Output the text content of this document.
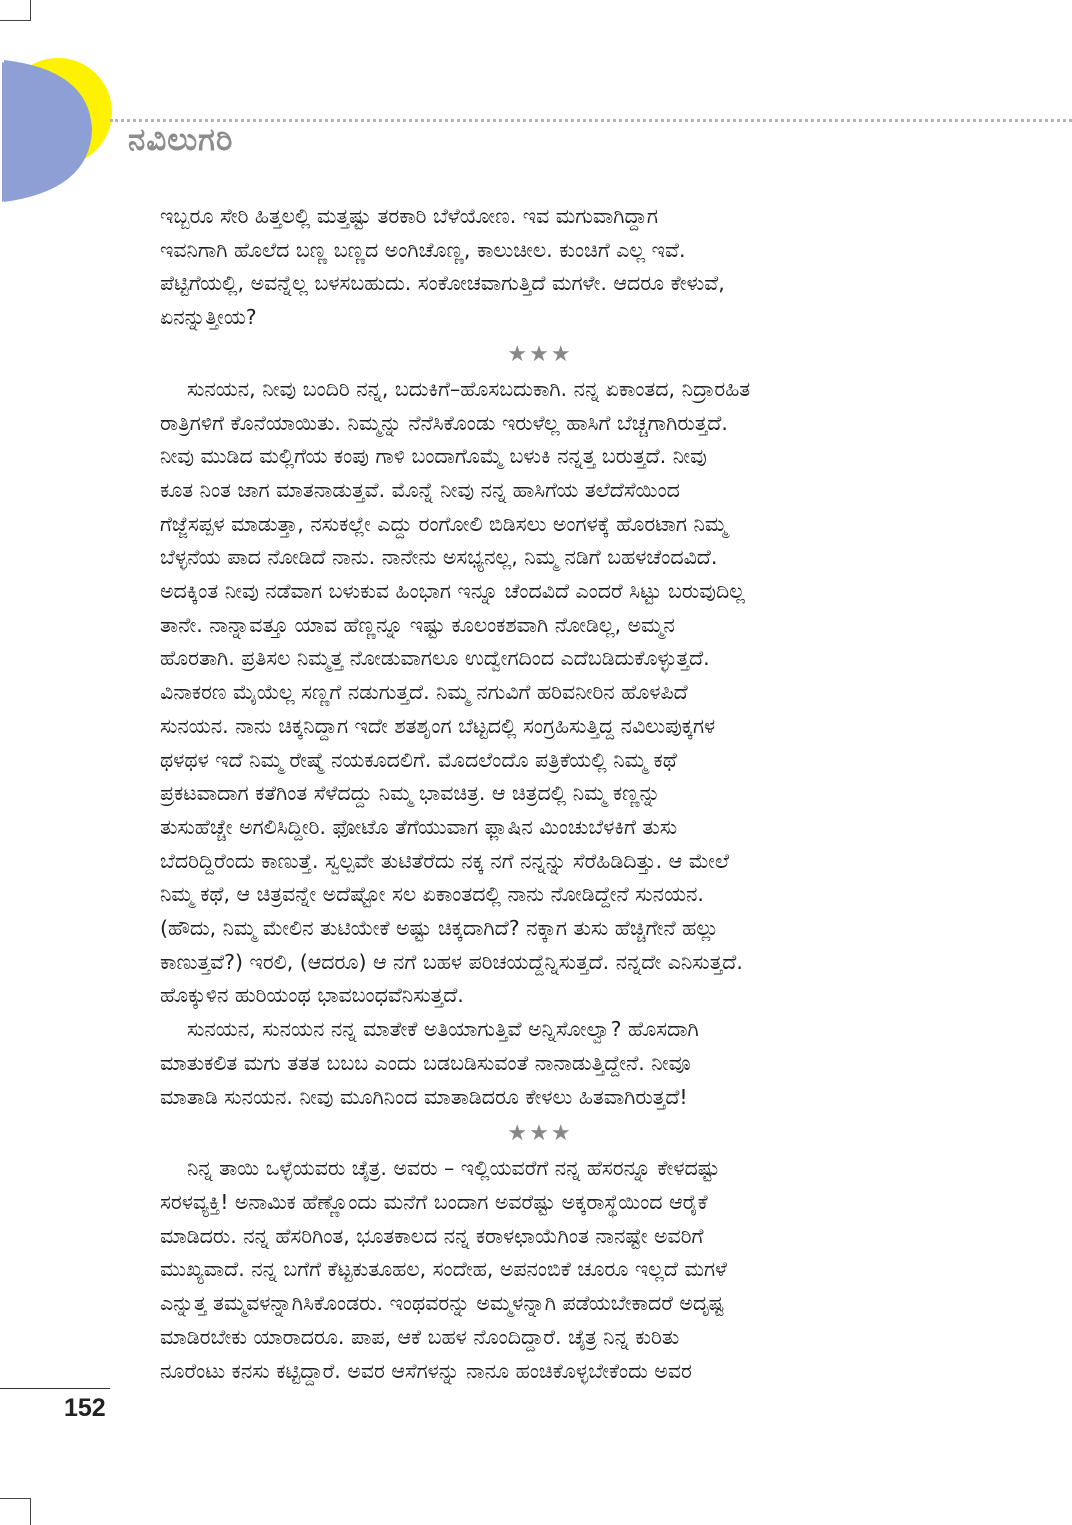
ನವಿಲುಗರಿ

ಇಬ್ಬರೂ ಸೇರಿ ಹಿತ್ತಲಲ್ಲಿ ಮತ್ತಷ್ಟು ತರಕಾರಿ ಬೆಳೆಯೋಣ. ಇವ ಮಗುವಾಗಿದ್ದಾಗ
ಇವನಿಗಾಗಿ ಹೊಲೆದ ಬಣ್ಣ ಬಣ್ಣದ ಅಂಗಿಚೊಣ್ಣ, ಕಾಲುಚೀಲ. ಕುಂಚಿಗೆ ಎಲ್ಲ ಇವೆ.
ಪೆಟ್ಟಿಗೆಯಲ್ಲಿ, ಅವನ್ನೆಲ್ಲ ಬಳಸಬಹುದು. ಸಂಕೋಚವಾಗುತ್ತಿದೆ ಮಗಳೇ. ಆದರೂ ಕೇಳುವೆ,
ಏನನ್ನುತ್ತೀಯ?

★★★

ಸುನಯನ, ನೀವು ಬಂದಿರಿ ನನ್ನ, ಬದುಕಿಗೆ–ಹೊಸಬದುಕಾಗಿ. ನನ್ನ ಏಕಾಂತದ, ನಿದ್ರಾರಹಿತ
ರಾತ್ರಿಗಳಿಗೆ ಕೊನೆಯಾಯಿತು. ನಿಮ್ಮನ್ನು ನೆನೆಸಿಕೊಂಡು ಇರುಳೆಲ್ಲ ಹಾಸಿಗೆ ಬೆಚ್ಚಗಾಗಿರುತ್ತದೆ.
ನೀವು ಮುಡಿದ ಮಲ್ಲಿಗೆಯ ಕಂಪು ಗಾಳಿ ಬಂದಾಗೊಮ್ಮೆ ಬಳುಕಿ ನನ್ನತ್ತ ಬರುತ್ತದೆ. ನೀವು
ಕೂತ ನಿಂತ ಜಾಗ ಮಾತನಾಡುತ್ತವೆ. ಮೊನ್ನೆ ನೀವು ನನ್ನ ಹಾಸಿಗೆಯ ತಲೆದೆಸೆಯಿಂದ
ಗೆಜ್ಜೆಸಪ್ಪಳ ಮಾಡುತ್ತಾ, ನಸುಕಲ್ಲೇ ಎದ್ದು ರಂಗೋಲಿ ಬಿಡಿಸಲು ಅಂಗಳಕ್ಕೆ ಹೊರಟಾಗ ನಿಮ್ಮ
ಬೆಳ್ಳನೆಯ ಪಾದ ನೋಡಿದೆ ನಾನು. ನಾನೇನು ಅಸಭ್ಯನಲ್ಲ, ನಿಮ್ಮ ನಡಿಗೆ ಬಹಳಚೆಂದವಿದೆ.
ಅದಕ್ಕಿಂತ ನೀವು ನಡೆವಾಗ ಬಳುಕುವ ಹಿಂಭಾಗ ಇನ್ನೂ ಚೆಂದವಿದೆ ಎಂದರೆ ಸಿಟ್ಟು ಬರುವುದಿಲ್ಲ
ತಾನೇ. ನಾನ್ನಾವತ್ತೂ ಯಾವ ಹೆಣ್ಣನ್ನೂ ಇಷ್ಟು ಕೂಲಂಕಶವಾಗಿ ನೋಡಿಲ್ಲ, ಅಮ್ಮನ
ಹೊರತಾಗಿ. ಪ್ರತಿಸಲ ನಿಮ್ಮತ್ತ ನೋಡುವಾಗಲೂ ಉದ್ವೇಗದಿಂದ ಎದೆಬಡಿದುಕೊಳ್ಳುತ್ತದೆ.
ವಿನಾಕರಣ ಮೈಯೆಲ್ಲ ಸಣ್ಣಗೆ ನಡುಗುತ್ತದೆ. ನಿಮ್ಮ ನಗುವಿಗೆ ಹರಿವನೀರಿನ ಹೊಳಪಿದೆ
ಸುನಯನ. ನಾನು ಚಿಕ್ಕನಿದ್ದಾಗ ಇದೇ ಶತಶೃಂಗ ಬೆಟ್ಟದಲ್ಲಿ ಸಂಗ್ರಹಿಸುತ್ತಿದ್ದ ನವಿಲುಪುಕ್ಕಗಳ
ಥಳಥಳ ಇದೆ ನಿಮ್ಮ ರೇಷ್ಮೆ ನಯಕೂದಲಿಗೆ. ಮೊದಲೆಂದೊ ಪತ್ರಿಕೆಯಲ್ಲಿ ನಿಮ್ಮ ಕಥೆ
ಪ್ರಕಟವಾದಾಗ ಕತೆಗಿಂತ ಸೆಳೆದದ್ದು ನಿಮ್ಮ ಭಾವಚಿತ್ರ. ಆ ಚಿತ್ರದಲ್ಲಿ ನಿಮ್ಮ ಕಣ್ಣನ್ನು
ತುಸುಹೆಚ್ಚೇ ಅಗಲಿಸಿದ್ದೀರಿ. ಫೋಟೊ ತೆಗೆಯುವಾಗ ಫ್ಲಾಷಿನ ಮಿಂಚುಬೆಳಕಿಗೆ ತುಸು
ಬೆದರಿದ್ದಿರೆಂದು ಕಾಣುತ್ತೆ. ಸ್ವಲ್ಪವೇ ತುಟಿತೆರೆದು ನಕ್ಕ ನಗೆ ನನ್ನನ್ನು ಸೆರೆಹಿಡಿದಿತ್ತು. ಆ ಮೇಲೆ
ನಿಮ್ಮ ಕಥೆ, ಆ ಚಿತ್ರವನ್ನೇ ಅದೆಷ್ಟೋ ಸಲ ಏಕಾಂತದಲ್ಲಿ ನಾನು ನೋಡಿದ್ದೇನೆ ಸುನಯನ.
(ಹೌದು, ನಿಮ್ಮ ಮೇಲಿನ ತುಟಿಯೇಕೆ ಅಷ್ಟು ಚಿಕ್ಕದಾಗಿದೆ? ನಕ್ಕಾಗ ತುಸು ಹೆಚ್ಚಿಗೇನೆ ಹಲ್ಲು
ಕಾಣುತ್ತವೆ?) ಇರಲಿ, (ಆದರೂ) ಆ ನಗೆ ಬಹಳ ಪರಿಚಯದ್ದೆನ್ನಿಸುತ್ತದೆ. ನನ್ನದೇ ಎನಿಸುತ್ತದೆ.
ಹೊಕ್ಕುಳಿನ ಹುರಿಯಂಥ ಭಾವಬಂಧವೆನಿಸುತ್ತದೆ.

ಸುನಯನ, ಸುನಯನ ನನ್ನ ಮಾತೇಕೆ ಅತಿಯಾಗುತ್ತಿವೆ ಅನ್ನಿಸೋಲ್ವಾ? ಹೊಸದಾಗಿ
ಮಾತುಕಲಿತ ಮಗು ತತತ ಬಬಬ ಎಂದು ಬಡಬಡಿಸುವಂತೆ ನಾನಾಡುತ್ತಿದ್ದೇನೆ. ನೀವೂ
ಮಾತಾಡಿ ಸುನಯನ. ನೀವು ಮೂಗಿನಿಂದ ಮಾತಾಡಿದರೂ ಕೇಳಲು ಹಿತವಾಗಿರುತ್ತದೆ!

★★★

ನಿನ್ನ ತಾಯಿ ಒಳ್ಳೆಯವರು ಚೈತ್ರ. ಅವರು – ಇಲ್ಲಿಯವರೆಗೆ ನನ್ನ ಹೆಸರನ್ನೂ ಕೇಳದಷ್ಟು
ಸರಳವ್ಯಕ್ತಿ! ಅನಾಮಿಕ ಹೆಣ್ಣೊಂದು ಮನೆಗೆ ಬಂದಾಗ ಅವರೆಷ್ಟು ಅಕ್ಕರಾಸ್ಥೆಯಿಂದ ಆರೈಕೆ
ಮಾಡಿದರು. ನನ್ನ ಹೆಸರಿಗಿಂತ, ಭೂತಕಾಲದ ನನ್ನ ಕರಾಳಛಾಯೆಗಿಂತ ನಾನಷ್ಟೇ ಅವರಿಗೆ
ಮುಖ್ಯವಾದೆ. ನನ್ನ ಬಗೆಗೆ ಕೆಟ್ಟಕುತೂಹಲ, ಸಂದೇಹ, ಅಪನಂಬಿಕೆ ಚೂರೂ ಇಲ್ಲದೆ ಮಗಳೆ
ಎನ್ನುತ್ತ ತಮ್ಮವಳನ್ನಾಗಿಸಿಕೊಂಡರು. ಇಂಥವರನ್ನು ಅಮ್ಮಳನ್ನಾಗಿ ಪಡೆಯಬೇಕಾದರೆ ಅದೃಷ್ಟ
ಮಾಡಿರಬೇಕು ಯಾರಾದರೂ. ಪಾಪ, ಆಕೆ ಬಹಳ ನೊಂದಿದ್ದಾರೆ. ಚೈತ್ರ ನಿನ್ನ ಕುರಿತು
ನೂರೆಂಟು ಕನಸು ಕಟ್ಟಿದ್ದಾರೆ. ಅವರ ಆಸೆಗಳನ್ನು ನಾನೂ ಹಂಚಿಕೊಳ್ಳಬೇಕೆಂದು ಅವರ

152
